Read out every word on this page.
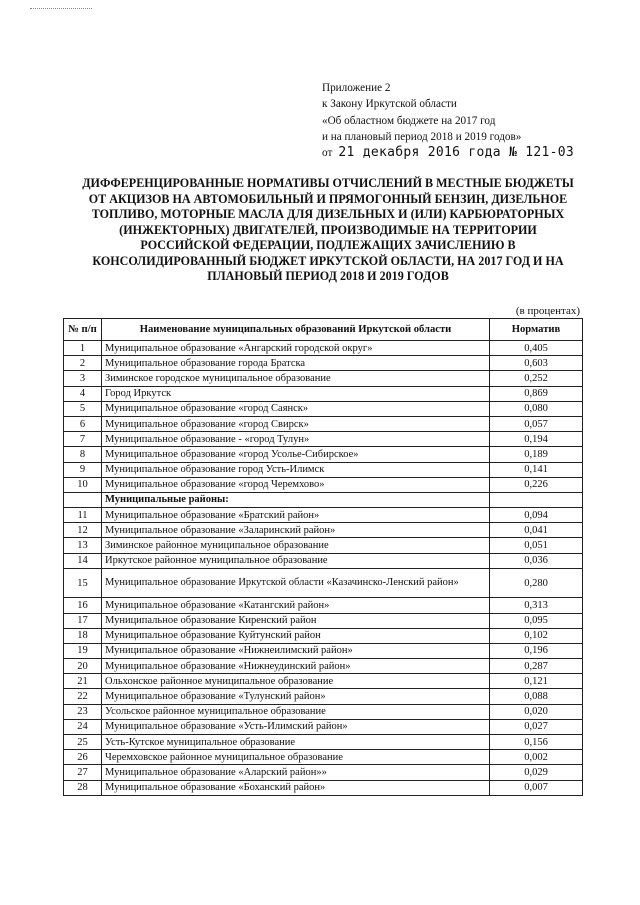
Приложение 2
к Закону Иркутской области
«Об областном бюджете на 2017 год
и на плановый период 2018 и 2019 годов»
от 21 декабря 2016 года № 121-03
ДИФФЕРЕНЦИРОВАННЫЕ НОРМАТИВЫ ОТЧИСЛЕНИЙ В МЕСТНЫЕ БЮДЖЕТЫ
ОТ АКЦИЗОВ НА АВТОМОБИЛЬНЫЙ И ПРЯМОГОННЫЙ БЕНЗИН, ДИЗЕЛЬНОЕ
ТОПЛИВО, МОТОРНЫЕ МАСЛА ДЛЯ ДИЗЕЛЬНЫХ И (ИЛИ) КАРБЮРАТОРНЫХ
(ИНЖЕКТОРНЫХ) ДВИГАТЕЛЕЙ, ПРОИЗВОДИМЫЕ НА ТЕРРИТОРИИ
РОССИЙСКОЙ ФЕДЕРАЦИИ, ПОДЛЕЖАЩИХ ЗАЧИСЛЕНИЮ В
КОНСОЛИДИРОВАННЫЙ БЮДЖЕТ ИРКУТСКОЙ ОБЛАСТИ, НА 2017 ГОД И НА
ПЛАНОВЫЙ ПЕРИОД 2018 И 2019 ГОДОВ
(в процентах)
№ п/п	Наименование муниципальных образований Иркутской области	Норматив
1	Муниципальное образование «Ангарский городской округ»	0,405
2	Муниципальное образование города Братска	0,603
3	Зиминское городское муниципальное образование	0,252
4	Город Иркутск	0,869
5	Муниципальное образование «город Саянск»	0,080
6	Муниципальное образование «город Свирск»	0,057
7	Муниципальное образование - «город Тулун»	0,194
8	Муниципальное образование «город Усолье-Сибирское»	0,189
9	Муниципальное образование город Усть-Илимск	0,141
10	Муниципальное образование «город Черемхово»	0,226
	Муниципальные районы:	
11	Муниципальное образование «Братский район»	0,094
12	Муниципальное образование «Заларинский район»	0,041
13	Зиминское районное муниципальное образование	0,051
14	Иркутское районное муниципальное образование	0,036
15	Муниципальное образование Иркутской области «Казачинско-Ленский район»	0,280
16	Муниципальное образование «Катангский район»	0,313
17	Муниципальное образование Киренский район	0,095
18	Муниципальное образование Куйтунский район	0,102
19	Муниципальное образование «Нижнеилимский район»	0,196
20	Муниципальное образование «Нижнеудинский район»	0,287
21	Ольхонское районное муниципальное образование	0,121
22	Муниципальное образование «Тулунский район»	0,088
23	Усольское районное муниципальное образование	0,020
24	Муниципальное образование «Усть-Илимский район»	0,027
25	Усть-Кутское муниципальное образование	0,156
26	Черемховское районное муниципальное образование	0,002
27	Муниципальное образование «Аларский район»»	0,029
28	Муниципальное образование «Боханский район»	0,007
